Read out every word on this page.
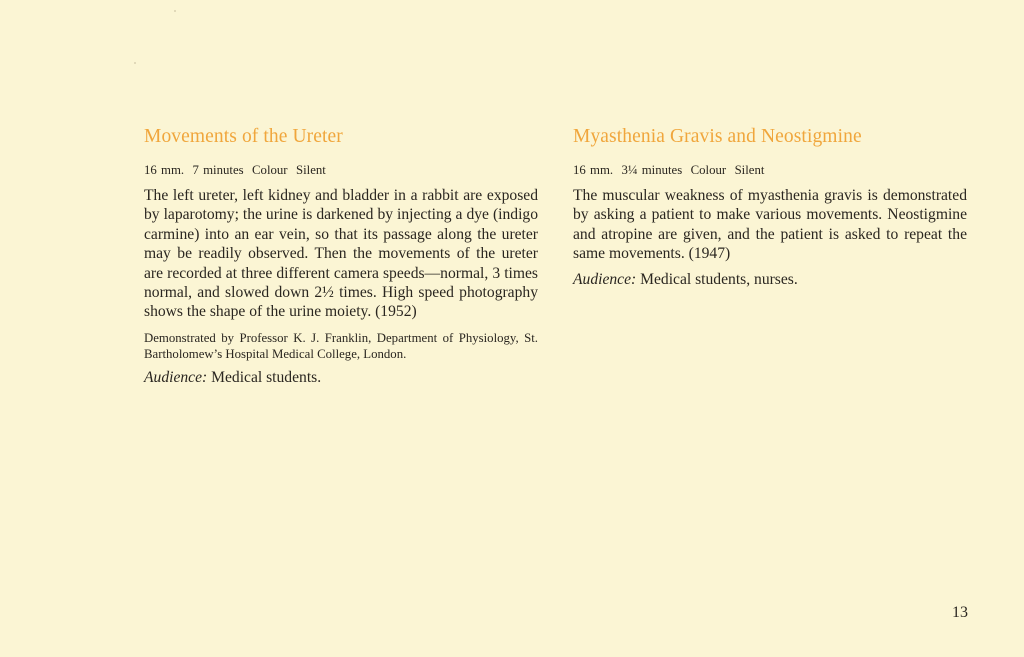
Movements of the Ureter

16 mm.  7 minutes  Colour  Silent

The left ureter, left kidney and bladder in a rabbit are exposed by laparotomy; the urine is darkened by injecting a dye (indigo carmine) into an ear vein, so that its passage along the ureter may be readily observed. Then the movements of the ureter are recorded at three different camera speeds—normal, 3 times normal, and slowed down 2½ times. High speed photography shows the shape of the urine moiety. (1952)

Demonstrated by Professor K. J. Franklin, Department of Physiology, St. Bartholomew’s Hospital Medical College, London.

Audience: Medical students.

Myasthenia Gravis and Neostigmine

16 mm.  3¼ minutes  Colour  Silent

The muscular weakness of myasthenia gravis is demonstrated by asking a patient to make various movements. Neostigmine and atropine are given, and the patient is asked to repeat the same movements. (1947)

Audience: Medical students, nurses.

13
